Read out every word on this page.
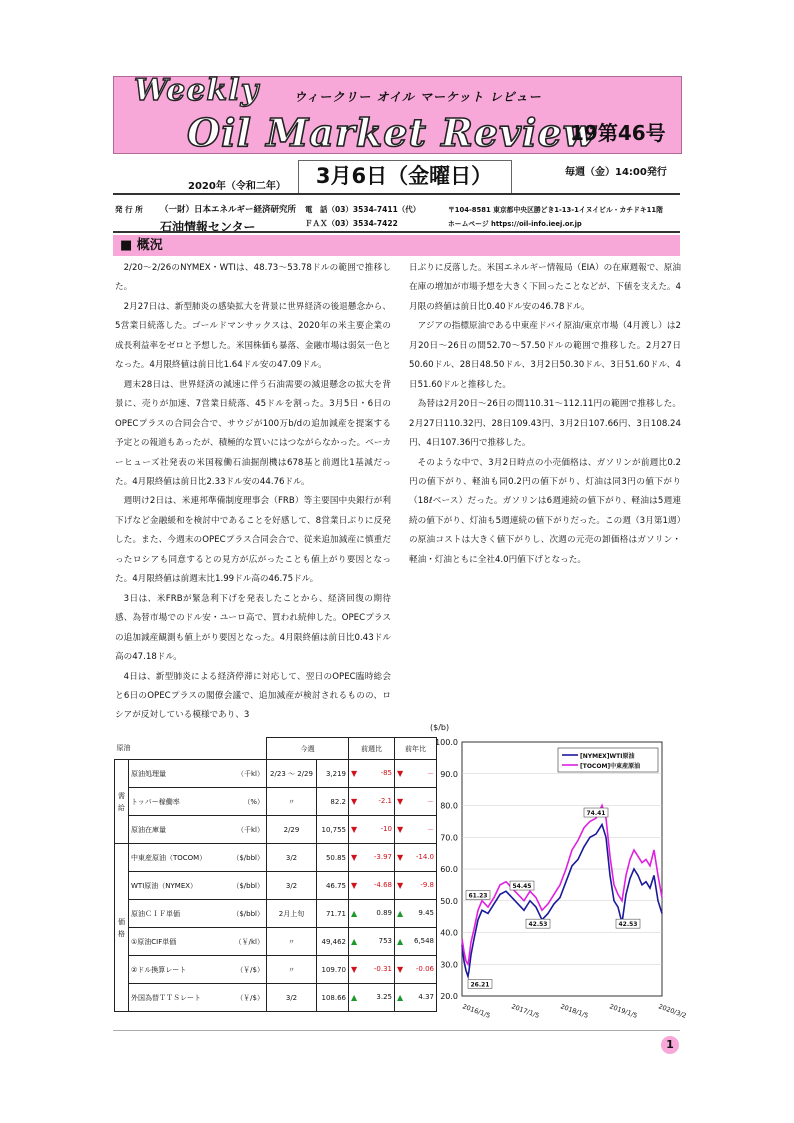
Weekly	ウィークリー オイル マーケット レビュー
Oil Market Review
19第46号
3月6日（金曜日）
2020年（令和二年）
毎週（金）14:00発行
発 行 所 （一財）日本エネルギー経済研究所
石油情報センター
電　話（03）3534-7411（代）
ＦＡＸ（03）3534-7422
〒104-8581 東京都中央区勝どき1-13-1イヌイビル・カチドキ11階
ホームページ https://oil-info.ieej.or.jp
■ 概況

2/20～2/26のNYMEX・WTIは、48.73～53.78ドルの範囲で推移した。

2月27日は、新型肺炎の感染拡大を背景に世界経済の後退懸念から、5営業日続落した。ゴールドマンサックスは、2020年の米主要企業の成長利益率をゼロと予想した。米国株価も暴落、金融市場は弱気一色となった。4月限終値は前日比1.64ドル安の47.09ドル。

週末28日は、世界経済の減速に伴う石油需要の減退懸念の拡大を背景に、売りが加速、7営業日続落、45ドルを割った。3月5日・6日のOPECプラスの合同会合で、サウジが100万b/dの追加減産を提案する予定との報道もあったが、積極的な買いにはつながらなかった。ベーカーヒューズ社発表の米国稼働石油掘削機は678基と前週比1基減だった。4月限終値は前日比2.33ドル安の44.76ドル。

週明け2日は、米連邦準備制度理事会（FRB）等主要国中央銀行が利下げなど金融緩和を検討中であることを好感して、8営業日ぶりに反発した。また、今週末のOPECプラス合同会合で、従来追加減産に慎重だったロシアも同意するとの見方が広がったことも値上がり要因となった。4月限終値は前週末比1.99ドル高の46.75ドル。

3日は、米FRBが緊急利下げを発表したことから、経済回復の期待感、為替市場でのドル安・ユーロ高で、買われ続伸した。OPECプラスの追加減産観測も値上がり要因となった。4月限終値は前日比0.43ドル高の47.18ドル。

4日は、新型肺炎による経済停滞に対応して、翌日のOPEC臨時総会と6日のOPECプラスの閣僚会議で、追加減産が検討されるものの、ロシアが反対している模様であり、3

日ぶりに反落した。米国エネルギー情報局（EIA）の在庫週報で、原油在庫の増加が市場予想を大きく下回ったことなどが、下値を支えた。4月限の終値は前日比0.40ドル安の46.78ドル。

アジアの指標原油である中東産ドバイ原油/東京市場（4月渡し）は2月20日～26日の間52.70～57.50ドルの範囲で推移した。2月27日50.60ドル、28日48.50ドル、3月2日50.30ドル、3日51.60ドル、4日51.60ドルと推移した。

為替は2月20日～26日の間110.31～112.11円の範囲で推移した。2月27日110.32円、28日109.43円、3月2日107.66円、3日108.24円、4日107.36円で推移した。

そのような中で、3月2日時点の小売価格は、ガソリンが前週比0.2円の値下がり、軽油も同0.2円の値下がり、灯油は同3円の値下がり（18ℓベース）だった。ガソリンは6週連続の値下がり、軽油は5週連続の値下がり、灯油も5週連続の値下がりだった。この週（3月第1週）の原油コストは大きく値下がりし、次週の元売の卸価格はガソリン・軽油・灯油ともに全社4.0円値下げとなった。

原油		今週		前週比	前年比
需給	原油処理量 （千kl）	2/23 ～ 2/29	3,219	▼ -85	▼ －

	トッパー稼働率 （%）	〃	82.2	▼ -2.1	▼ －

	原油在庫量 （千kl）	2/29	10,755	▼ -10	▼ －

価格	中東産原油（TOCOM） （$/bbl）	3/2	50.85	▼ -3.97	▼ -14.0

	WTI原油（NYMEX） （$/bbl）	3/2	46.75	▼ -4.68	▼ -9.8

	原油ＣＩＦ単価 （$/bbl）	2月上旬	71.71	▲ 0.89	▲ 9.45

	①原油CIF単価 （￥/kl）	〃	49,462	▲ 753	▲ 6,548

	②ドル換算レート （￥/$）	〃	109.70	▼ -0.31	▼ -0.06

	外国為替ＴＴＳレート （￥/$）	3/2	108.66	▲ 3.25	▲ 4.37
($/b)
100.0
90.0
80.0
70.0
60.0
50.0
40.0
30.0
20.0
2016/1/5	2017/1/5	2018/1/5	2019/1/5	2020/3/2
[NYMEX]WTI原油
[TOCOM]中東産原油
61.23
54.45
42.53
74.41
42.53
26.21
1
